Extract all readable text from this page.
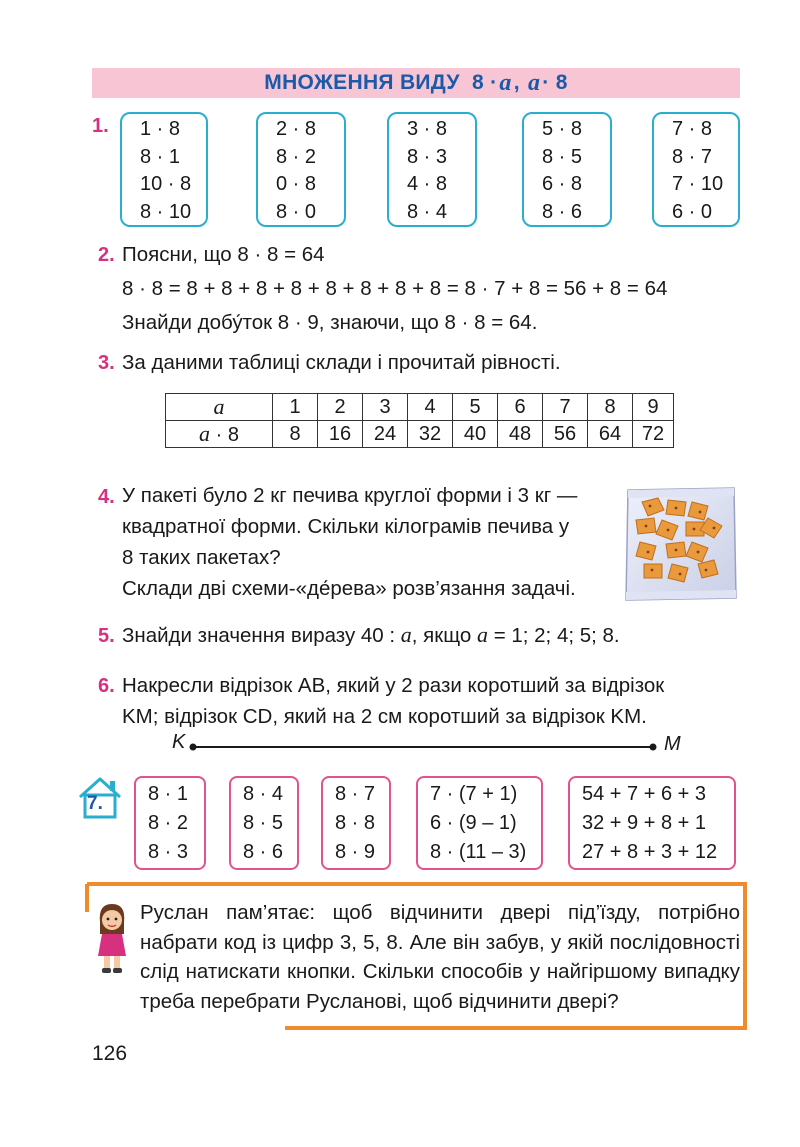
МНОЖЕННЯ ВИДУ
8 · a ,
a · 8
1. 1 · 8
8 · 1
10 · 8
8 · 10
2 · 8
8 · 2
0 · 8
8 · 0
3 · 8
8 · 3
4 · 8
8 · 4
5 · 8
8 · 5
6 · 8
8 · 6
7 · 8
8 · 7
7 · 10
6 · 0
2. Поясни, що 8 · 8 = 64
8 · 8 = 8 + 8 + 8 + 8 + 8 + 8 + 8 + 8 = 8 · 7 + 8 = 56 + 8 = 64
Знайди добу́ток 8 · 9, знаючи, що 8 · 8 = 64.
3. За даними таблиці склади і прочитай рівності.
a	1	2	3	4	5	6	7	8	9
a · 8	8	16	24	32	40	48	56	64	72
4. У пакеті було 2 кг печива круглої форми і 3 кг —
квадратної форми. Скільки кілограмів печива у
8 таких пакетах?
Склади дві схеми-«де́рева» розв’язання задачі.
5. Знайди значення виразу 40 : a, якщо a = 1; 2; 4; 5; 8.
6. Накресли відрізок AB, який у 2 рази коротший за відрізок
KM; відрізок CD, який на 2 см коротший за відрізок KM.
K	M
7. 8 · 1
8 · 2
8 · 3
8 · 4
8 · 5
8 · 6
8 · 7
8 · 8
8 · 9
7 · (7 + 1)
6 · (9 – 1)
8 · (11 – 3)
54 + 7 + 6 + 3
32 + 9 + 8 + 1
27 + 8 + 3 + 12
Руслан пам’ятає: щоб відчинити двері під’їзду, потрібно набрати код із цифр 3, 5, 8. Але він забув, у якій послідовності слід натискати кнопки. Скільки способів у найгіршому випадку треба перебрати Русланові, щоб відчинити двері?
126
